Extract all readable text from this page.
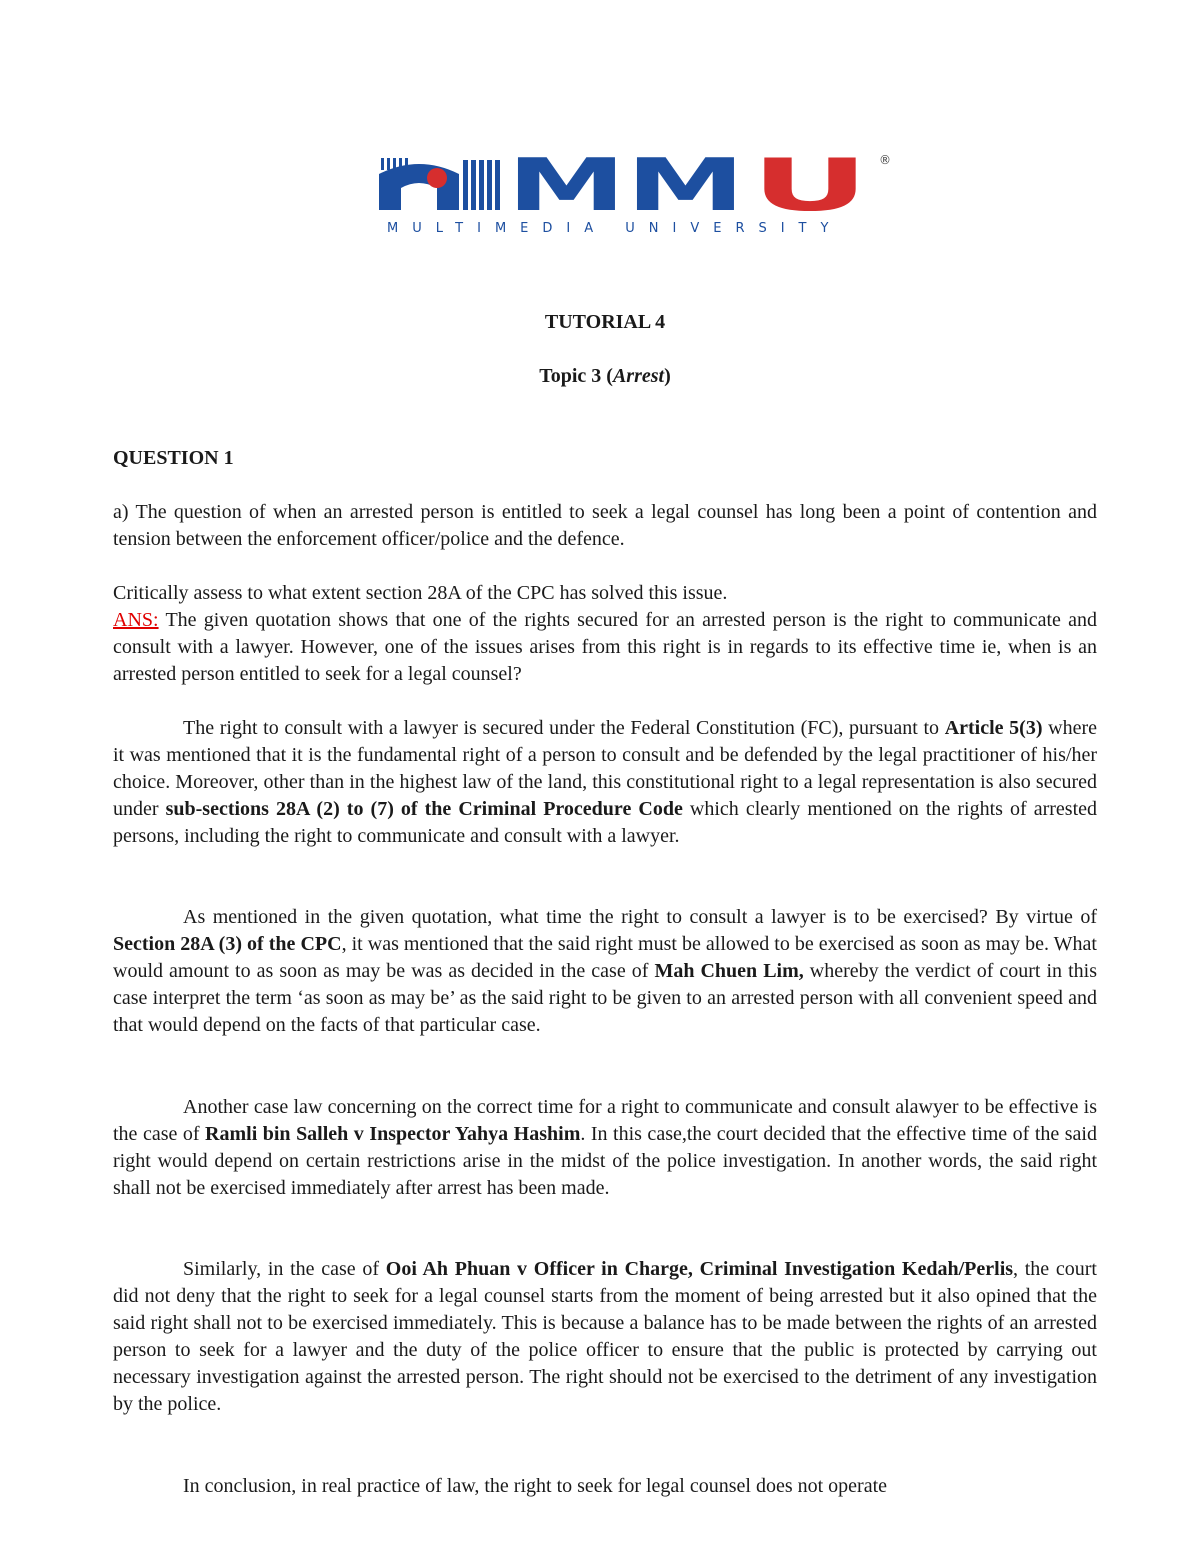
MM U ®
MULTIMEDIA UNIVERSITY
TUTORIAL 4
Topic 3 (Arrest)
QUESTION 1
a) The question of when an arrested person is entitled to seek a legal counsel has long been a point of contention and tension between the enforcement officer/police and the defence.
Critically assess to what extent section 28A of the CPC has solved this issue.
ANS: The given quotation shows that one of the rights secured for an arrested person is the right to communicate and consult with a lawyer. However, one of the issues arises from this right is in regards to its effective time ie, when is an arrested person entitled to seek for a legal counsel?
The right to consult with a lawyer is secured under the Federal Constitution (FC), pursuant to Article 5(3) where it was mentioned that it is the fundamental right of a person to consult and be defended by the legal practitioner of his/her choice. Moreover, other than in the highest law of the land, this constitutional right to a legal representation is also secured under sub-sections 28A (2) to (7) of the Criminal Procedure Code which clearly mentioned on the rights of arrested persons, including the right to communicate and consult with a lawyer.
As mentioned in the given quotation, what time the right to consult a lawyer is to be exercised? By virtue of Section 28A (3) of the CPC, it was mentioned that the said right must be allowed to be exercised as soon as may be. What would amount to as soon as may be was as decided in the case of Mah Chuen Lim, whereby the verdict of court in this case interpret the term ‘as soon as may be’ as the said right to be given to an arrested person with all convenient speed and that would depend on the facts of that particular case.
Another case law concerning on the correct time for a right to communicate and consult alawyer to be effective is the case of Ramli bin Salleh v Inspector Yahya Hashim. In this case,the court decided that the effective time of the said right would depend on certain restrictions arise in the midst of the police investigation. In another words, the said right shall not be exercised immediately after arrest has been made.
Similarly, in the case of Ooi Ah Phuan v Officer in Charge, Criminal Investigation Kedah/Perlis, the court did not deny that the right to seek for a legal counsel starts from the moment of being arrested but it also opined that the said right shall not to be exercised immediately. This is because a balance has to be made between the rights of an arrested person to seek for a lawyer and the duty of the police officer to ensure that the public is protected by carrying out necessary investigation against the arrested person. The right should not be exercised to the detriment of any investigation by the police.
In conclusion, in real practice of law, the right to seek for legal counsel does not operate
